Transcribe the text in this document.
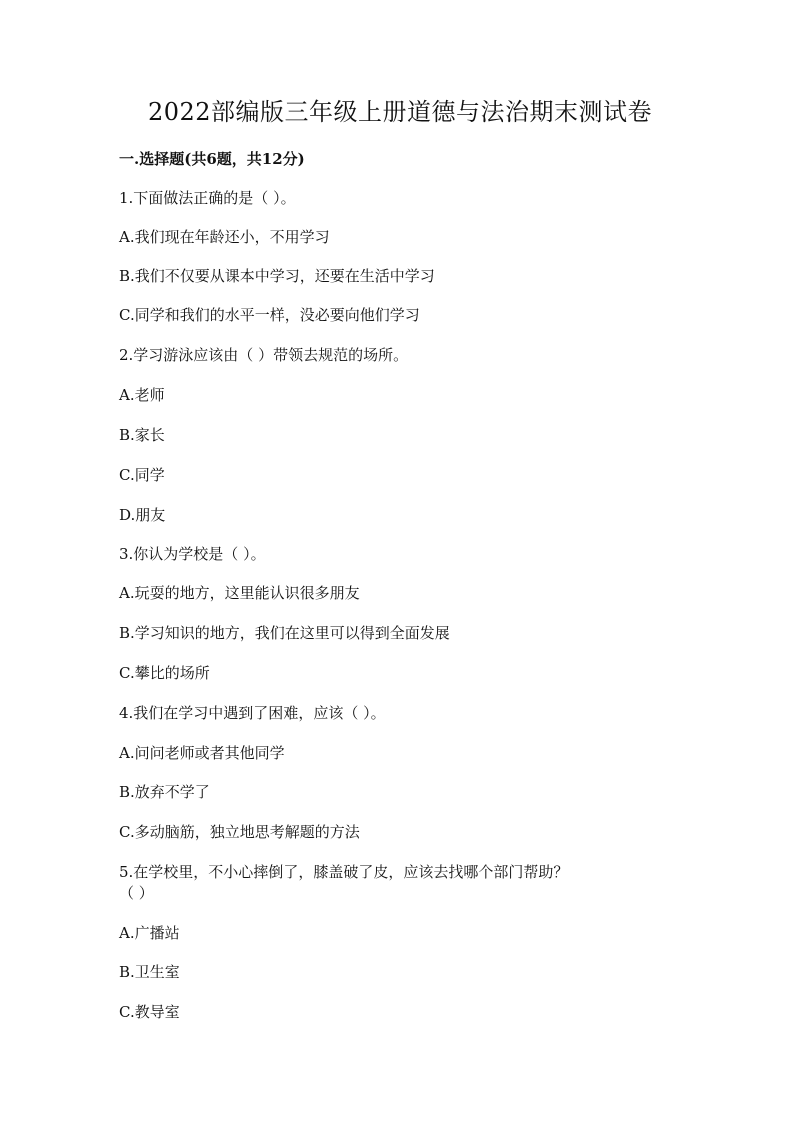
2022部编版三年级上册道德与法治期末测试卷
一.选择题(共6题，共12分)
1.下面做法正确的是（ ）。
A.我们现在年龄还小，不用学习
B.我们不仅要从课本中学习，还要在生活中学习
C.同学和我们的水平一样，没必要向他们学习
2.学习游泳应该由（ ）带领去规范的场所。
A.老师
B.家长
C.同学
D.朋友
3.你认为学校是（ ）。
A.玩耍的地方，这里能认识很多朋友
B.学习知识的地方，我们在这里可以得到全面发展
C.攀比的场所
4.我们在学习中遇到了困难，应该（ ）。
A.问问老师或者其他同学
B.放弃不学了
C.多动脑筋，独立地思考解题的方法
5.在学校里，不小心摔倒了，膝盖破了皮，应该去找哪个部门帮助？
（ ）
A.广播站
B.卫生室
C.教导室
